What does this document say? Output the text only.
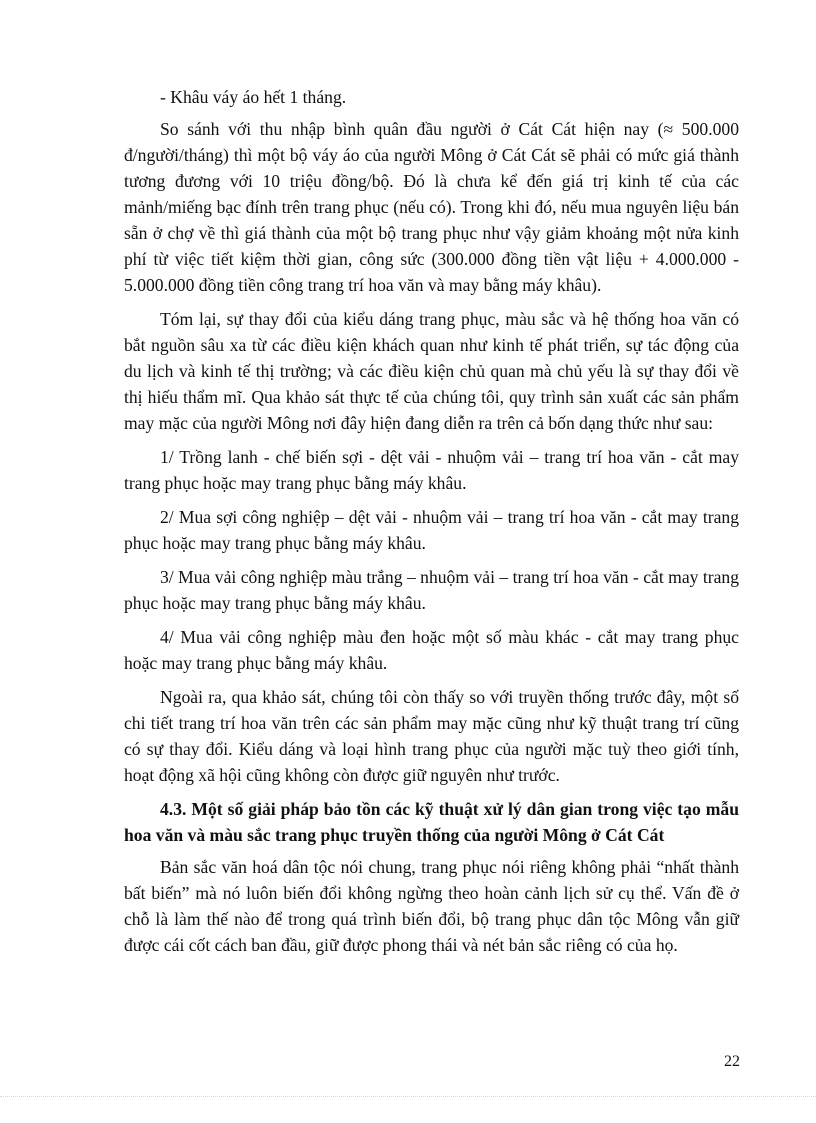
- Khâu váy áo hết 1 tháng.

So sánh với thu nhập bình quân đầu người ở Cát Cát hiện nay (≈ 500.000 đ/người/tháng) thì một bộ váy áo của người Mông ở Cát Cát sẽ phải có mức giá thành tương đương với 10 triệu đồng/bộ. Đó là chưa kể đến giá trị kinh tế của các mảnh/miếng bạc đính trên trang phục (nếu có). Trong khi đó, nếu mua nguyên liệu bán sẵn ở chợ về thì giá thành của một bộ trang phục như vậy giảm khoảng một nửa kinh phí từ việc tiết kiệm thời gian, công sức (300.000 đồng tiền vật liệu + 4.000.000 - 5.000.000 đồng tiền công trang trí hoa văn và may bằng máy khâu).

Tóm lại, sự thay đổi của kiểu dáng trang phục, màu sắc và hệ thống hoa văn có bắt nguồn sâu xa từ các điều kiện khách quan như kinh tế phát triển, sự tác động của du lịch và kinh tế thị trường; và các điều kiện chủ quan mà chủ yếu là sự thay đổi về thị hiếu thẩm mĩ. Qua khảo sát thực tế của chúng tôi, quy trình sản xuất các sản phẩm may mặc của người Mông nơi đây hiện đang diễn ra trên cả bốn dạng thức như sau:

1/ Trồng lanh - chế biến sợi - dệt vải - nhuộm vải – trang trí hoa văn - cắt may trang phục hoặc may trang phục bằng máy khâu.

2/ Mua sợi công nghiệp – dệt vải - nhuộm vải – trang trí hoa văn - cắt may trang phục hoặc may trang phục bằng máy khâu.

3/ Mua vải công nghiệp màu trắng – nhuộm vải – trang trí hoa văn - cắt may trang phục hoặc may trang phục bằng máy khâu.

4/ Mua vải công nghiệp màu đen hoặc một số màu khác - cắt may trang phục hoặc may trang phục bằng máy khâu.

Ngoài ra, qua khảo sát, chúng tôi còn thấy so với truyền thống trước đây, một số chi tiết trang trí hoa văn trên các sản phẩm may mặc cũng như kỹ thuật trang trí cũng có sự thay đổi. Kiểu dáng và loại hình trang phục của người mặc tuỳ theo giới tính, hoạt động xã hội cũng không còn được giữ nguyên như trước.

4.3. Một số giải pháp bảo tồn các kỹ thuật xử lý dân gian trong việc tạo mẫu hoa văn và màu sắc trang phục truyền thống của người Mông ở Cát Cát

Bản sắc văn hoá dân tộc nói chung, trang phục nói riêng không phải “nhất thành bất biến” mà nó luôn biến đổi không ngừng theo hoàn cảnh lịch sử cụ thể. Vấn đề ở chỗ là làm thế nào để trong quá trình biến đổi, bộ trang phục dân tộc Mông vẫn giữ được cái cốt cách ban đầu, giữ được phong thái và nét bản sắc riêng có của họ.

22
